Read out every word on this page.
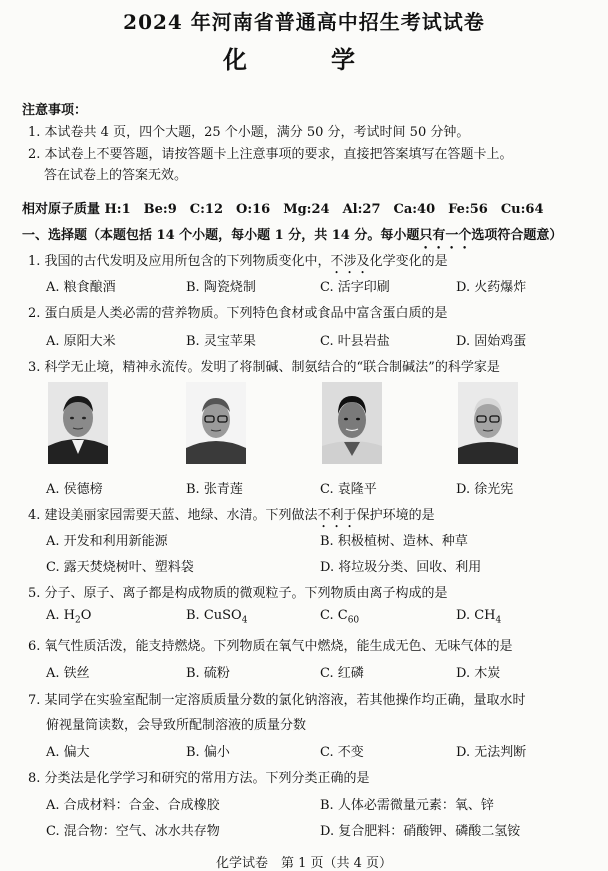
2024 年河南省普通高中招生考试试卷
化　学
注意事项：
1. 本试卷共 4 页，四个大题，25 个小题，满分 50 分，考试时间 50 分钟。
2. 本试卷上不要答题，请按答题卡上注意事项的要求，直接把答案填写在答题卡上。
答在试卷上的答案无效。
相对原子质量 H:1　Be:9　C:12　O:16　Mg:24　Al:27　Ca:40　Fe:56　Cu:64
一、选择题（本题包括 14 个小题，每小题 1 分，共 14 分。每小题只有一个选项符合题意）
1. 我国的古代发明及应用所包含的下列物质变化中，不涉及化学变化的是
A. 粮食酿酒	B. 陶瓷烧制	C. 活字印刷	D. 火药爆炸
2. 蛋白质是人类必需的营养物质。下列特色食材或食品中富含蛋白质的是
A. 原阳大米	B. 灵宝苹果	C. 叶县岩盐	D. 固始鸡蛋
3. 科学无止境，精神永流传。发明了将制碱、制氨结合的“联合制碱法”的科学家是
A. 侯德榜	B. 张青莲	C. 袁隆平	D. 徐光宪
4. 建设美丽家园需要天蓝、地绿、水清。下列做法不利于保护环境的是
A. 开发和利用新能源	B. 积极植树、造林、种草
C. 露天焚烧树叶、塑料袋	D. 将垃圾分类、回收、利用
5. 分子、原子、离子都是构成物质的微观粒子。下列物质由离子构成的是
A. $H_2O$	B. CuSO$_4$	C. $C_{60}$	D. $CH_4$
6. 氧气性质活泼，能支持燃烧。下列物质在氧气中燃烧，能生成无色、无味气体的是
A. 铁丝	B. 硫粉	C. 红磷	D. 木炭
7. 某同学在实验室配制一定溶质质量分数的氯化钠溶液，若其他操作均正确，量取水时
俯视量筒读数，会导致所配制溶液的质量分数
A. 偏大	B. 偏小	C. 不变	D. 无法判断
8. 分类法是化学学习和研究的常用方法。下列分类正确的是
A. 合成材料：合金、合成橡胶	B. 人体必需微量元素：氧、锌
C. 混合物：空气、冰水共存物	D. 复合肥料：硝酸钾、磷酸二氢铵
化学试卷　第 1 页（共 4 页）
